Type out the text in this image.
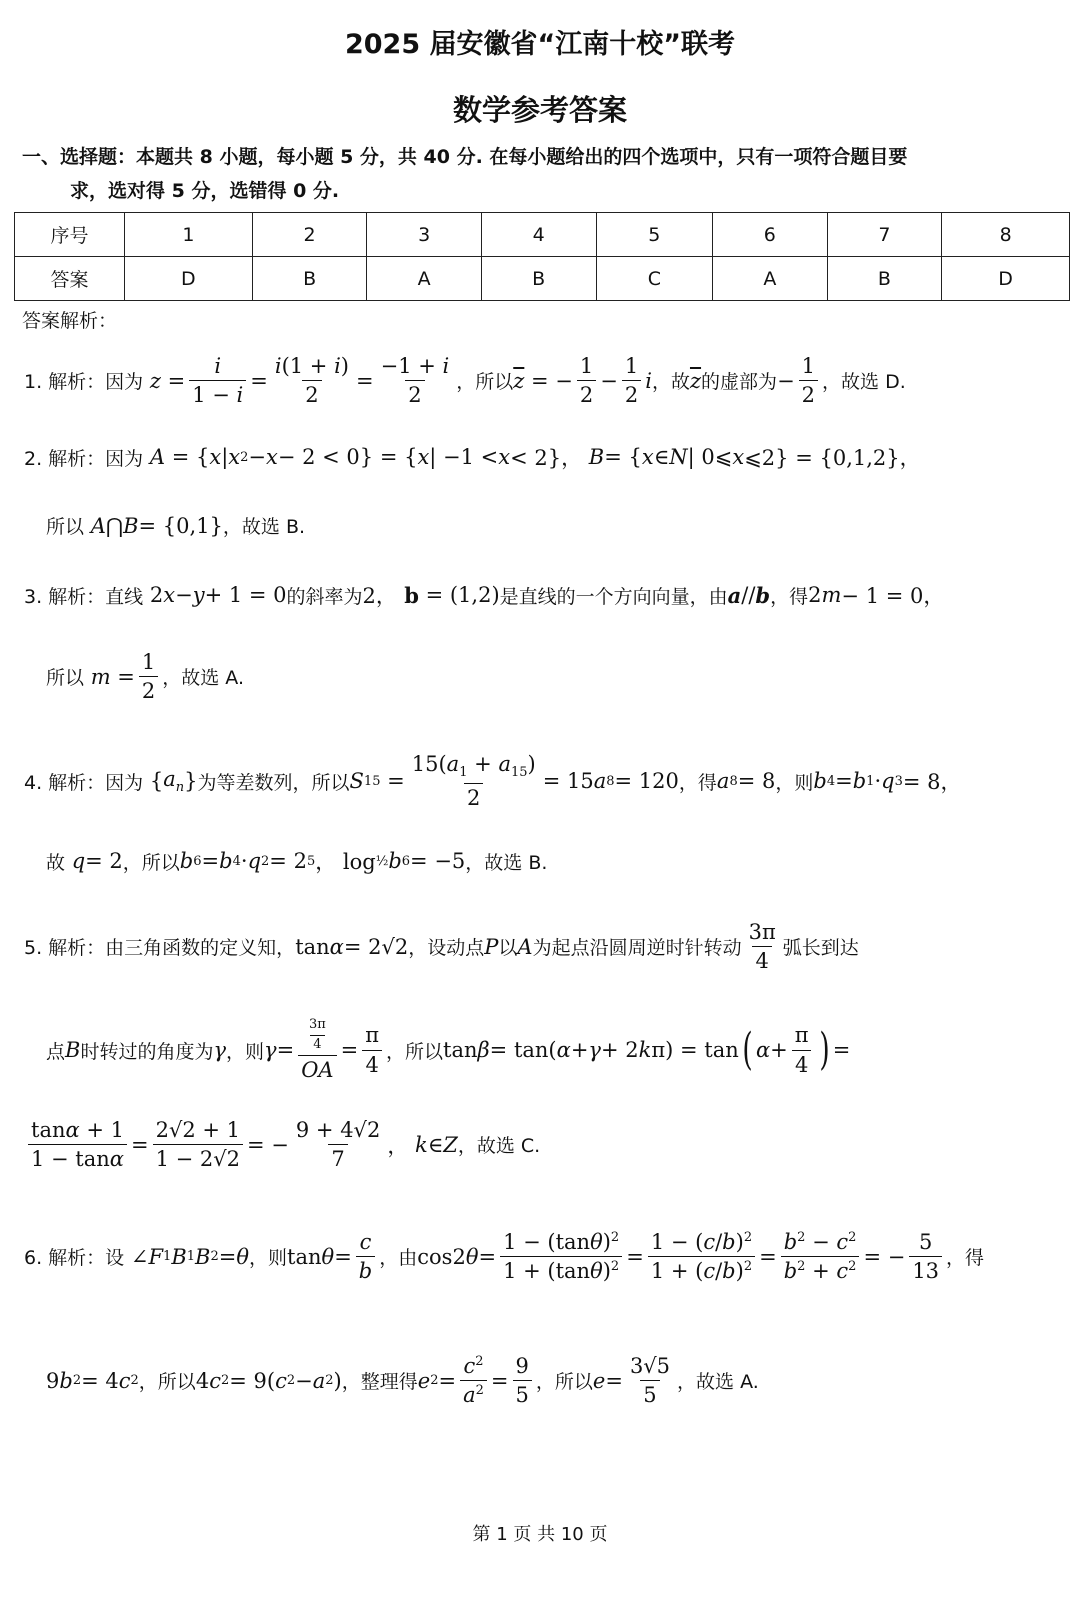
2025 届安徽省“江南十校”联考
数学参考答案
一、选择题：本题共 8 小题，每小题 5 分，共 40 分. 在每小题给出的四个选项中，只有一项符合题目要
求，选对得 5 分，选错得 0 分.
序号	1	2	3	4	5	6	7	8
答案	D	B	A	B	C	A	B	D
答案解析：
1. 解析： 因为 $z = \frac{i}{1 - i} = \frac{i(1 + i)}{2} = \frac{-1 + i}{2}$ ，所以 $\overline{z}$ = − $\frac{1}{2} - \frac{1}{2}$ i ，故 $\overline{z}$ 的虚部为 − $\frac{1}{2}$ ，故选 D.
2. 解析： 因为 A = { x | x 2 − x − 2 < 0} = { x | −1 < x < 2}， B = { x ∈ N | 0⩽ x ⩽2} = {0,1,2}，
所以 A ⋂ B = {0,1} ，故选 B.
3. 解析： 直线 2 x − y + 1 = 0 的斜率为 2， b = (1,2) 是直线的一个方向向量，由 a // b ，得 2 m − 1 = 0，
所以 $m = \frac{1}{2}$ ，故选 A.
4. 解析： 因为 { $a_n$ } 为等差数列，所以 S $15 = \frac{15(a_1 + a_{15})}{2} = 15$ a 8 = 120 ，得 a 8 = 8 ，则 b 4 = b 1 · q 3 = 8，
故 q = 2 ，所以 b 6 = b 4 · q 2 = 2 5 ， log ½ b 6 = −5 ，故选 B.
5. 解析： 由三角函数的定义知， tan α = 2√2 ，设动点 P 以 A 为起点沿圆周逆时针转动 $\frac{3\pi}{4}$ 弧长到达
点 B 时转过的角度为 γ ，则 $\gamma = \frac{\frac{3\pi}{4}}{OA} = \frac{\pi}{4}$ ，所以 tan β = tan( α + γ + 2 k π) = tan ( $\alpha + \frac{\pi}{4}$ ) =
$\frac{\tan\alpha + 1}{1 - \tan\alpha} = \frac{2√2 + 1}{1 - 2√2}$ = − $\frac{9 + 4√2}{7}$ ， k ∈ Z ，故选 C.
6. 解析： 设 ∠ F 1 B 1 B 2 = θ ，则 $\tan \theta = \frac{c}{b}$ ，由 cos2 $\theta = \frac{1 - (\tan\theta)^2}{1 + (\tan\theta)^2} = \frac{1 - (c/b)^2}{1 + (c/b)^2} = \frac{b^2 - c^2}{b^2 + c^2}$ = − $\frac{5}{13}$ ，得
9 b 2 = 4 c 2 ，所以 4 c 2 = 9( c 2 − a 2 ) ，整理得 e $2 = \frac{c^2}{a^2} = \frac{9}{5}$ ，所以 $e = \frac{3√5}{5}$ ，故选 A.
第 1 页 共 10 页
